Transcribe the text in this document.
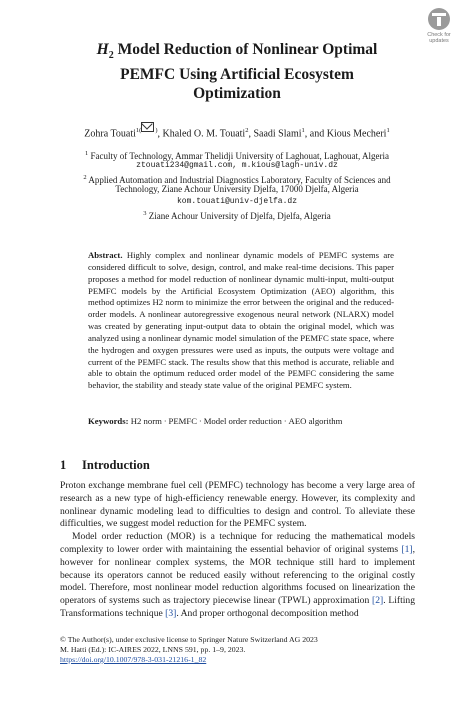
Check for
updates
$H_2$ Model Reduction of Nonlinear Optimal
PEMFC Using Artificial Ecosystem
Optimization
Zohra Touati$^{1( )}$, Khaled O. M. Touati$^2$, Saadi Slami$^1$, and Kious Mecheri$^1$
$^1$ Faculty of Technology, Ammar Thelidji University of Laghouat, Laghouat, Algeria
ztouati234@gmail.com, m.kious@lagh-univ.dz
$^2$ Applied Automation and Industrial Diagnostics Laboratory, Faculty of Sciences and
Technology, Ziane Achour University Djelfa, 17000 Djelfa, Algeria
kom.touati@univ-djelfa.dz
$^3$ Ziane Achour University of Djelfa, Djelfa, Algeria
Abstract. Highly complex and nonlinear dynamic models of PEMFC systems are considered difficult to solve, design, control, and make real-time decisions. This paper proposes a method for model reduction of nonlinear dynamic multi-input, multi-output PEMFC models by the Artificial Ecosystem Optimization (AEO) algorithm, this method optimizes H2 norm to minimize the error between the original and the reduced-order models. A nonlinear autoregressive exogenous neural network (NLARX) model was created by generating input-output data to obtain the original model, which was analyzed using a nonlinear dynamic model simulation of the PEMFC state space, where the hydrogen and oxygen pressures were used as inputs, the outputs were voltage and current of the PEMFC stack. The results show that this method is accurate, reliable and able to obtain the optimum reduced order model of the PEMFC considering the same behavior, the stability and steady state value of the original PEMFC system.
Keywords: H2 norm · PEMFC · Model order reduction · AEO algorithm
1 Introduction

Proton exchange membrane fuel cell (PEMFC) technology has become a very large area of research as a new type of high-efficiency renewable energy. However, its complexity and nonlinear dynamic modeling lead to difficulties to design and control. To alleviate these difficulties, we suggest model reduction for the PEMFC system.

Model order reduction (MOR) is a technique for reducing the mathematical models complexity to lower order with maintaining the essential behavior of original systems [1], however for nonlinear complex systems, the MOR technique still hard to implement because its operators cannot be reduced easily without referencing to the original costly model. Therefore, most nonlinear model reduction algorithms focused on linearization the operators of systems such as trajectory piecewise linear (TPWL) approximation [2]. Lifting Transformations technique [3]. And proper orthogonal decomposition method

© The Author(s), under exclusive license to Springer Nature Switzerland AG 2023
M. Hatti (Ed.): IC-AIRES 2022, LNNS 591, pp. 1–9, 2023.
https://doi.org/10.1007/978-3-031-21216-1_82
